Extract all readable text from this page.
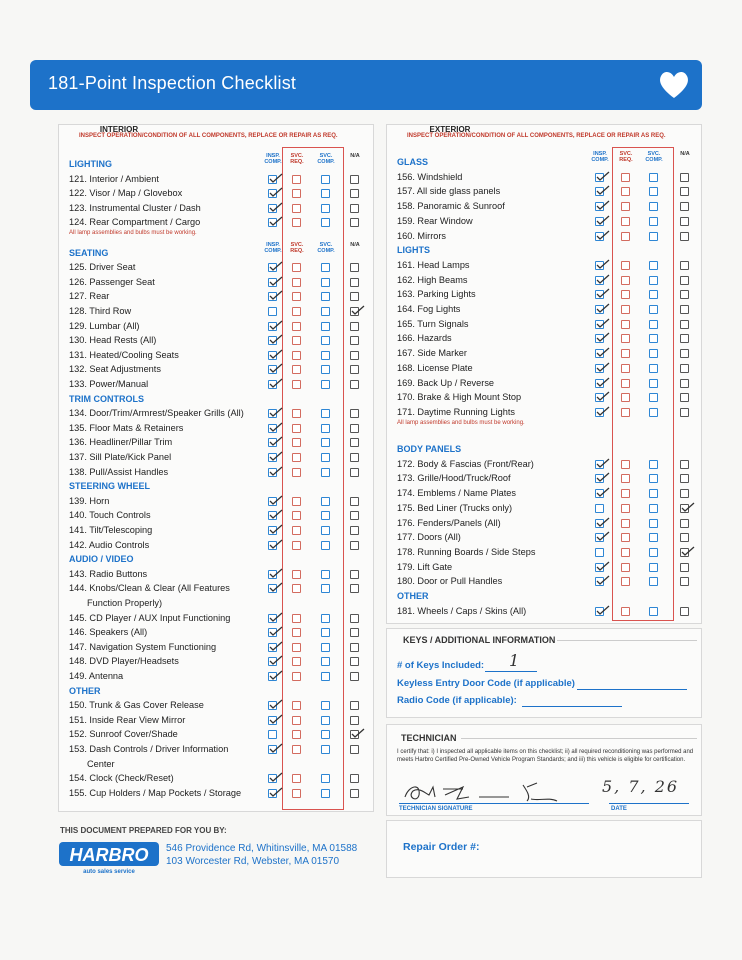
181-Point Inspection Checklist
INTERIOR
INSPECT OPERATION/CONDITION OF ALL COMPONENTS, REPLACE OR REPAIR AS REQ.
INSP. COMP.
SVC. REQ.
SVC. COMP.
N/A
LIGHTING
121. Interior / Ambient
122. Visor / Map / Glovebox
123. Instrumental Cluster / Dash
124. Rear Compartment / Cargo
All lamp assemblies and bulbs must be working.
INSP. COMP.
SVC. REQ.
SVC. COMP.
N/A
SEATING
125. Driver Seat
126. Passenger Seat
127. Rear
128. Third Row
129. Lumbar (All)
130. Head Rests (All)
131. Heated/Cooling Seats
132. Seat Adjustments
133. Power/Manual
TRIM CONTROLS
134. Door/Trim/Armrest/Speaker Grills (All)
135. Floor Mats & Retainers
136. Headliner/Pillar Trim
137. Sill Plate/Kick Panel
138. Pull/Assist Handles
STEERING WHEEL
139. Horn
140. Touch Controls
141. Tilt/Telescoping
142. Audio Controls
AUDIO / VIDEO
143. Radio Buttons
144. Knobs/Clean & Clear (All Features
Function Properly)
145. CD Player / AUX Input Functioning
146. Speakers (All)
147. Navigation System Functioning
148. DVD Player/Headsets
149. Antenna
OTHER
150. Trunk & Gas Cover Release
151. Inside Rear View Mirror
152. Sunroof Cover/Shade
153. Dash Controls / Driver Information
Center
154. Clock (Check/Reset)
155. Cup Holders / Map Pockets / Storage
EXTERIOR
INSPECT OPERATION/CONDITION OF ALL COMPONENTS, REPLACE OR REPAIR AS REQ.
INSP. COMP.
SVC. REQ.
SVC. COMP.
N/A
GLASS
156. Windshield
157. All side glass panels
158. Panoramic & Sunroof
159. Rear Window
160. Mirrors
LIGHTS
161. Head Lamps
162. High Beams
163. Parking Lights
164. Fog Lights
165. Turn Signals
166. Hazards
167. Side Marker
168. License Plate
169. Back Up / Reverse
170. Brake & High Mount Stop
171. Daytime Running Lights
All lamp assemblies and bulbs must be working.
BODY PANELS
172. Body & Fascias (Front/Rear)
173. Grille/Hood/Truck/Roof
174. Emblems / Name Plates
175. Bed Liner (Trucks only)
176. Fenders/Panels (All)
177. Doors (All)
178. Running Boards / Side Steps
179. Lift Gate
180. Door or Pull Handles
OTHER
181. Wheels / Caps / Skins (All)
KEYS / ADDITIONAL INFORMATION
# of Keys Included: 1
Keyless Entry Door Code (if applicable)
Radio Code (if applicable):
TECHNICIAN
I certify that: i) I inspected all applicable items on this checklist; ii) all required reconditioning was performed and meets Harbro Certified Pre-Owned Vehicle Program Standards; and iii) this vehicle is eligible for certification.
5, 7, 26
TECHNICIAN SIGNATURE	DATE
Repair Order #:
THIS DOCUMENT PREPARED FOR YOU BY:
HARBRO
auto sales service
546 Providence Rd, Whitinsville, MA 01588
103 Worcester Rd, Webster, MA 01570
